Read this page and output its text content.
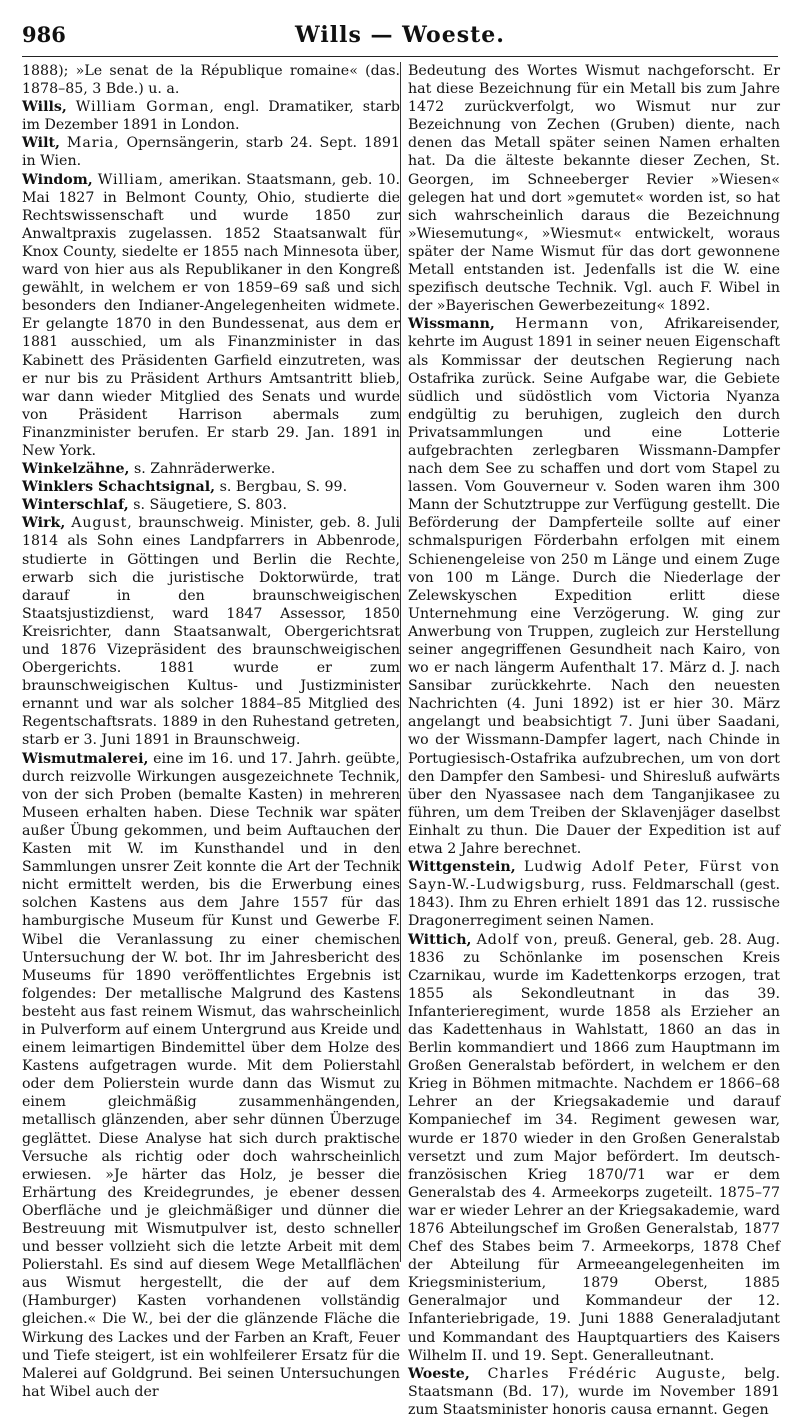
986	Wills — Woeste.

1888); »Le senat de la République romaine« (das. 1878–85, 3 Bde.) u. a.

Wills, William Gorman, engl. Dramatiker, starb im Dezember 1891 in London.

Wilt, Maria, Opernsängerin, starb 24. Sept. 1891 in Wien.

Windom, William, amerikan. Staatsmann, geb. 10. Mai 1827 in Belmont County, Ohio, studierte die Rechtswissenschaft und wurde 1850 zur Anwaltpraxis zugelassen. 1852 Staatsanwalt für Knox County, siedelte er 1855 nach Minnesota über, ward von hier aus als Republikaner in den Kongreß gewählt, in welchem er von 1859–69 saß und sich besonders den Indianer-Angelegenheiten widmete. Er gelangte 1870 in den Bundessenat, aus dem er 1881 ausschied, um als Finanzminister in das Kabinett des Präsidenten Garfield einzutreten, was er nur bis zu Präsident Arthurs Amtsantritt blieb, war dann wieder Mitglied des Senats und wurde von Präsident Harrison abermals zum Finanzminister berufen. Er starb 29. Jan. 1891 in New York.

Winkelzähne, s. Zahnräderwerke.

Winklers Schachtsignal, s. Bergbau, S. 99.

Winterschlaf, s. Säugetiere, S. 803.

Wirk, August, braunschweig. Minister, geb. 8. Juli 1814 als Sohn eines Landpfarrers in Abbenrode, studierte in Göttingen und Berlin die Rechte, erwarb sich die juristische Doktorwürde, trat darauf in den braunschweigischen Staatsjustizdienst, ward 1847 Assessor, 1850 Kreisrichter, dann Staatsanwalt, Obergerichtsrat und 1876 Vizepräsident des braunschweigischen Obergerichts. 1881 wurde er zum braunschweigischen Kultus- und Justizminister ernannt und war als solcher 1884–85 Mitglied des Regentschaftsrats. 1889 in den Ruhestand getreten, starb er 3. Juni 1891 in Braunschweig.

Wismutmalerei, eine im 16. und 17. Jahrh. geübte, durch reizvolle Wirkungen ausgezeichnete Technik, von der sich Proben (bemalte Kasten) in mehreren Museen erhalten haben. Diese Technik war später außer Übung gekommen, und beim Auftauchen der Kasten mit W. im Kunsthandel und in den Sammlungen unsrer Zeit konnte die Art der Technik nicht ermittelt werden, bis die Erwerbung eines solchen Kastens aus dem Jahre 1557 für das hamburgische Museum für Kunst und Gewerbe F. Wibel die Veranlassung zu einer chemischen Untersuchung der W. bot. Ihr im Jahresbericht des Museums für 1890 veröffentlichtes Ergebnis ist folgendes: Der metallische Malgrund des Kastens besteht aus fast reinem Wismut, das wahrscheinlich in Pulverform auf einem Untergrund aus Kreide und einem leimartigen Bindemittel über dem Holze des Kastens aufgetragen wurde. Mit dem Polierstahl oder dem Polierstein wurde dann das Wismut zu einem gleichmäßig zusammenhängenden, metallisch glänzenden, aber sehr dünnen Überzuge geglättet. Diese Analyse hat sich durch praktische Versuche als richtig oder doch wahrscheinlich erwiesen. »Je härter das Holz, je besser die Erhärtung des Kreidegrundes, je ebener dessen Oberfläche und je gleichmäßiger und dünner die Bestreuung mit Wismutpulver ist, desto schneller und besser vollzieht sich die letzte Arbeit mit dem Polierstahl. Es sind auf diesem Wege Metallflächen aus Wismut hergestellt, die der auf dem (Hamburger) Kasten vorhandenen vollständig gleichen.« Die W., bei der die glänzende Fläche die Wirkung des Lackes und der Farben an Kraft, Feuer und Tiefe steigert, ist ein wohlfeilerer Ersatz für die Malerei auf Goldgrund. Bei seinen Untersuchungen hat Wibel auch der

Bedeutung des Wortes Wismut nachgeforscht. Er hat diese Bezeichnung für ein Metall bis zum Jahre 1472 zurückverfolgt, wo Wismut nur zur Bezeichnung von Zechen (Gruben) diente, nach denen das Metall später seinen Namen erhalten hat. Da die älteste bekannte dieser Zechen, St. Georgen, im Schneeberger Revier »Wiesen« gelegen hat und dort »gemutet« worden ist, so hat sich wahrscheinlich daraus die Bezeichnung »Wiesemutung«, »Wiesmut« entwickelt, woraus später der Name Wismut für das dort gewonnene Metall entstanden ist. Jedenfalls ist die W. eine spezifisch deutsche Technik. Vgl. auch F. Wibel in der »Bayerischen Gewerbezeitung« 1892.

Wissmann, Hermann von, Afrikareisender, kehrte im August 1891 in seiner neuen Eigenschaft als Kommissar der deutschen Regierung nach Ostafrika zurück. Seine Aufgabe war, die Gebiete südlich und südöstlich vom Victoria Nyanza endgültig zu beruhigen, zugleich den durch Privatsammlungen und eine Lotterie aufgebrachten zerlegbaren Wissmann-Dampfer nach dem See zu schaffen und dort vom Stapel zu lassen. Vom Gouverneur v. Soden waren ihm 300 Mann der Schutztruppe zur Verfügung gestellt. Die Beförderung der Dampferteile sollte auf einer schmalspurigen Förderbahn erfolgen mit einem Schienengeleise von 250 m Länge und einem Zuge von 100 m Länge. Durch die Niederlage der Zelewskyschen Expedition erlitt diese Unternehmung eine Verzögerung. W. ging zur Anwerbung von Truppen, zugleich zur Herstellung seiner angegriffenen Gesundheit nach Kairo, von wo er nach längerm Aufenthalt 17. März d. J. nach Sansibar zurückkehrte. Nach den neuesten Nachrichten (4. Juni 1892) ist er hier 30. März angelangt und beabsichtigt 7. Juni über Saadani, wo der Wissmann-Dampfer lagert, nach Chinde in Portugiesisch-Ostafrika aufzubrechen, um von dort den Dampfer den Sambesi- und Shiresluß aufwärts über den Nyassasee nach dem Tanganjikasee zu führen, um dem Treiben der Sklavenjäger daselbst Einhalt zu thun. Die Dauer der Expedition ist auf etwa 2 Jahre berechnet.

Wittgenstein, Ludwig Adolf Peter, Fürst von Sayn-W.-Ludwigsburg, russ. Feldmarschall (gest. 1843). Ihm zu Ehren erhielt 1891 das 12. russische Dragonerregiment seinen Namen.

Wittich, Adolf von, preuß. General, geb. 28. Aug. 1836 zu Schönlanke im posenschen Kreis Czarnikau, wurde im Kadettenkorps erzogen, trat 1855 als Sekondleutnant in das 39. Infanterieregiment, wurde 1858 als Erzieher an das Kadettenhaus in Wahlstatt, 1860 an das in Berlin kommandiert und 1866 zum Hauptmann im Großen Generalstab befördert, in welchem er den Krieg in Böhmen mitmachte. Nachdem er 1866–68 Lehrer an der Kriegsakademie und darauf Kompaniechef im 34. Regiment gewesen war, wurde er 1870 wieder in den Großen Generalstab versetzt und zum Major befördert. Im deutsch-französischen Krieg 1870/71 war er dem Generalstab des 4. Armeekorps zugeteilt. 1875–77 war er wieder Lehrer an der Kriegsakademie, ward 1876 Abteilungschef im Großen Generalstab, 1877 Chef des Stabes beim 7. Armeekorps, 1878 Chef der Abteilung für Armeeangelegenheiten im Kriegsministerium, 1879 Oberst, 1885 Generalmajor und Kommandeur der 12. Infanteriebrigade, 19. Juni 1888 Generaladjutant und Kommandant des Hauptquartiers des Kaisers Wilhelm II. und 19. Sept. Generalleutnant.

Woeste, Charles Frédéric Auguste, belg. Staatsmann (Bd. 17), wurde im November 1891 zum Staatsminister honoris causa ernannt. Gegen
